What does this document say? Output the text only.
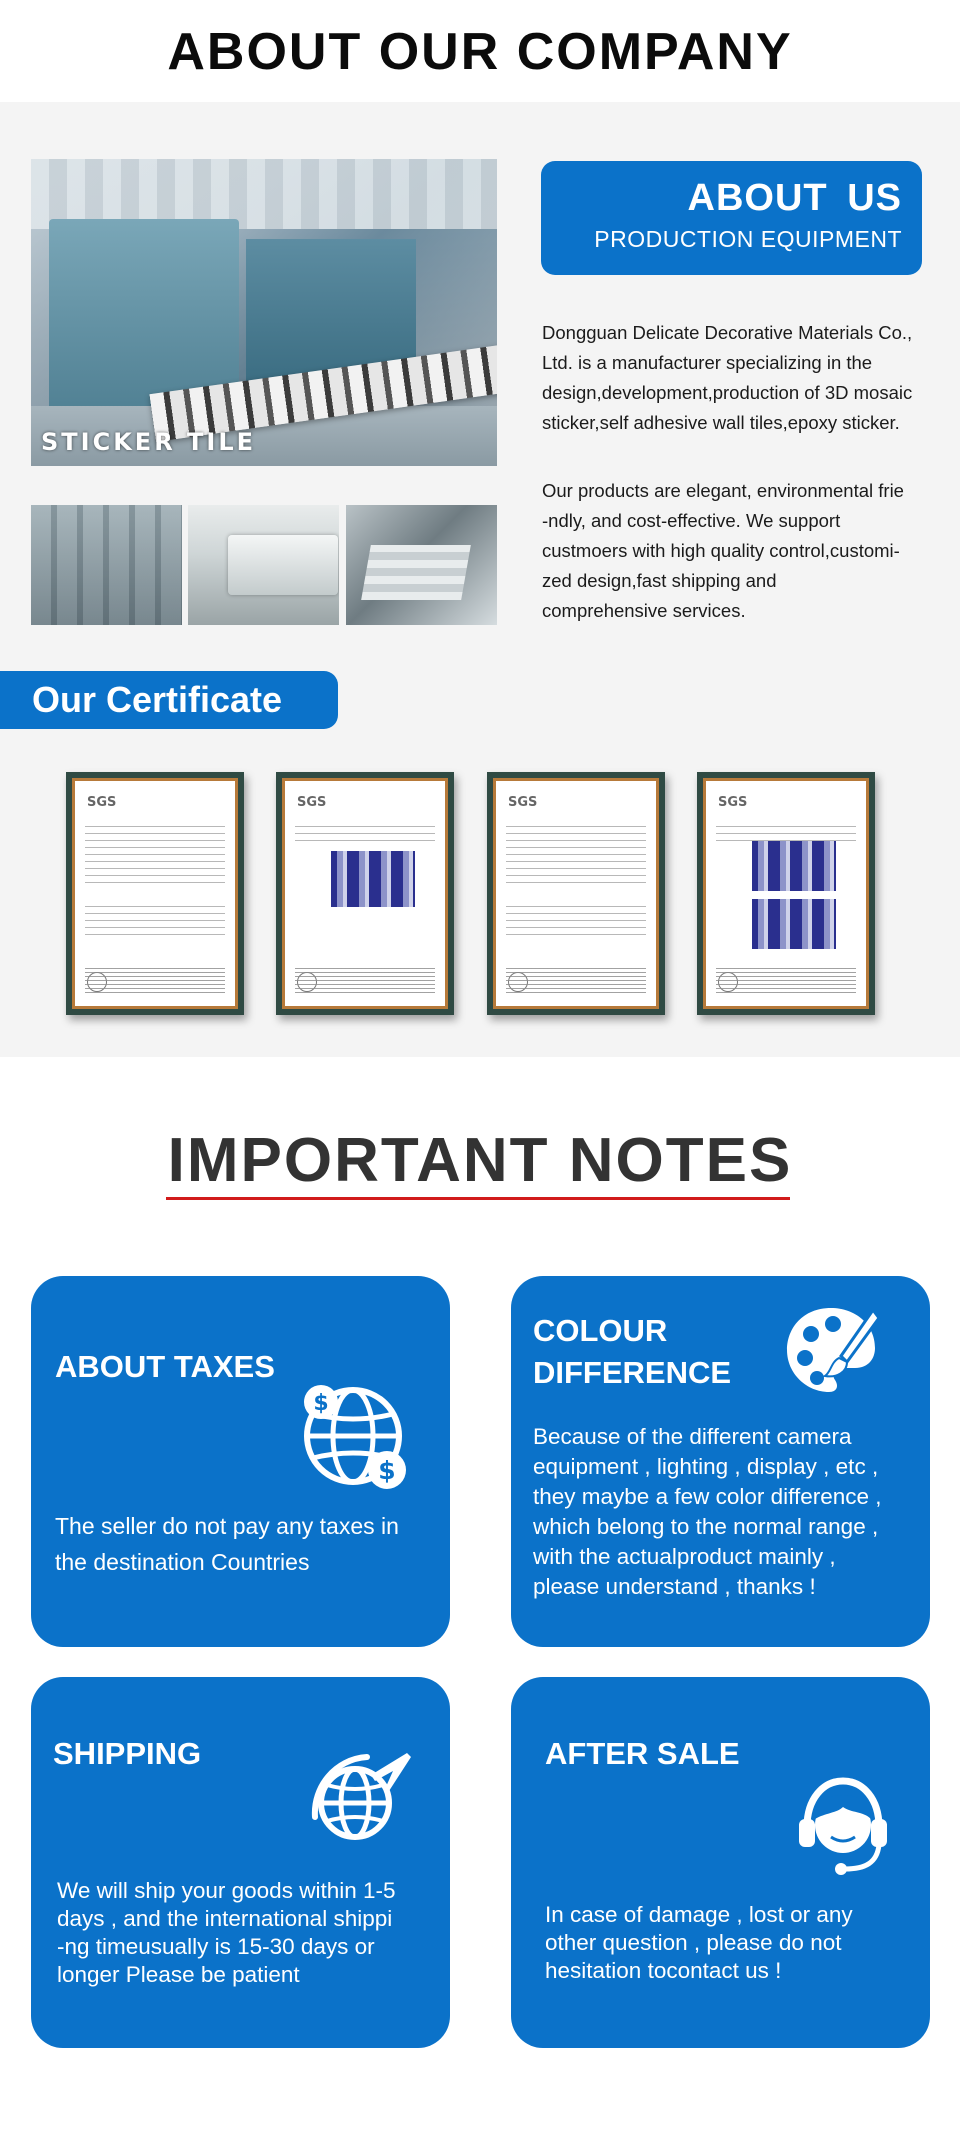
ABOUT OUR COMPANY
STICKER TILE
ABOUT US
PRODUCTION EQUIPMENT
Dongguan Delicate Decorative Materials Co.,
Ltd. is a manufacturer specializing in the
design,development,production of 3D mosaic
sticker,self adhesive wall tiles,epoxy sticker.
Our products are elegant, environmental frie
-ndly, and cost-effective. We support
custmoers with high quality control,customi-
zed design,fast shipping and
comprehensive services.
Our Certificate
SGS	SGS	SGS	SGS
IMPORTANT NOTES
ABOUT TAXES
$
$
The seller do not pay any taxes in
the destination Countries
COLOUR
DIFFERENCE
Because of the different camera
equipment , lighting , display , etc ,
they maybe a few color difference ,
which belong to the normal range ,
with the actualproduct mainly ,
please understand , thanks !
SHIPPING
We will ship your goods within 1-5
days , and the international shippi
-ng timeusually is 15-30 days or
longer Please be patient
AFTER SALE
In case of damage , lost or any
other question , please do not
hesitation tocontact us !
